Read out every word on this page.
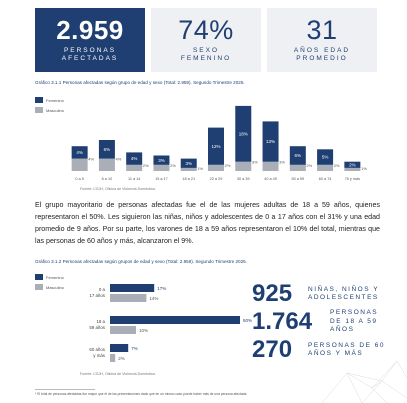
2.959
PERSONAS AFECTADAS
74%
SEXO FEMENINO
31
AÑOS EDAD PROMEDIO
Gráfico 3.1.1 Personas afectadas según grupo de edad y sexo (Total: 2.959). Segundo Trimestre 2025.
Femenino
Masculino
4%
4%
0 a 5
6%
4%
6 a 10
4%
2%
11 a 14
3%
2%
15 a 17
3%
1%
18 a 21
12%
2%
22 a 29
18%
3%
30 a 39
13%
3%
40 a 49
6%
2%
50 a 59
5%
2%
60 a 74
2%
1%
75 y más
Fuente: CGJH, Oficina de Violencia Doméstica.
El grupo mayoritario de personas afectadas fue el de las mujeres adultas de 18 a 59 años, quienes representaron el 50%. Les siguieron las niñas, niños y adolescentes de 0 a 17 años con el 31% y una edad promedio de 9 años. Por su parte, los varones de 18 a 59 años representaron el 10% del total, mientras que las personas de 60 años y más, alcanzaron el 9%.
Gráfico 3.1.2 Personas afectadas según grupos de edad y sexo (Total: 2.959). Segundo Trimestre 2025.
Femenino
Masculino	0 a
17 años
17%
14%
18 a
59 años
50%
10%
60 años
y más
7%
2%
Fuente: CGJH, Oficina de Violencia Doméstica.
925	NIÑAS, NIÑOS Y ADOLESCENTES
1.764	PERSONAS DE 18 A 59 AÑOS
270	PERSONAS DE 60 AÑOS Y MÁS
* El total de personas afectadas fue mayor que el de las presentaciones dado que en un mismo caso puede haber más de una persona afectada.
